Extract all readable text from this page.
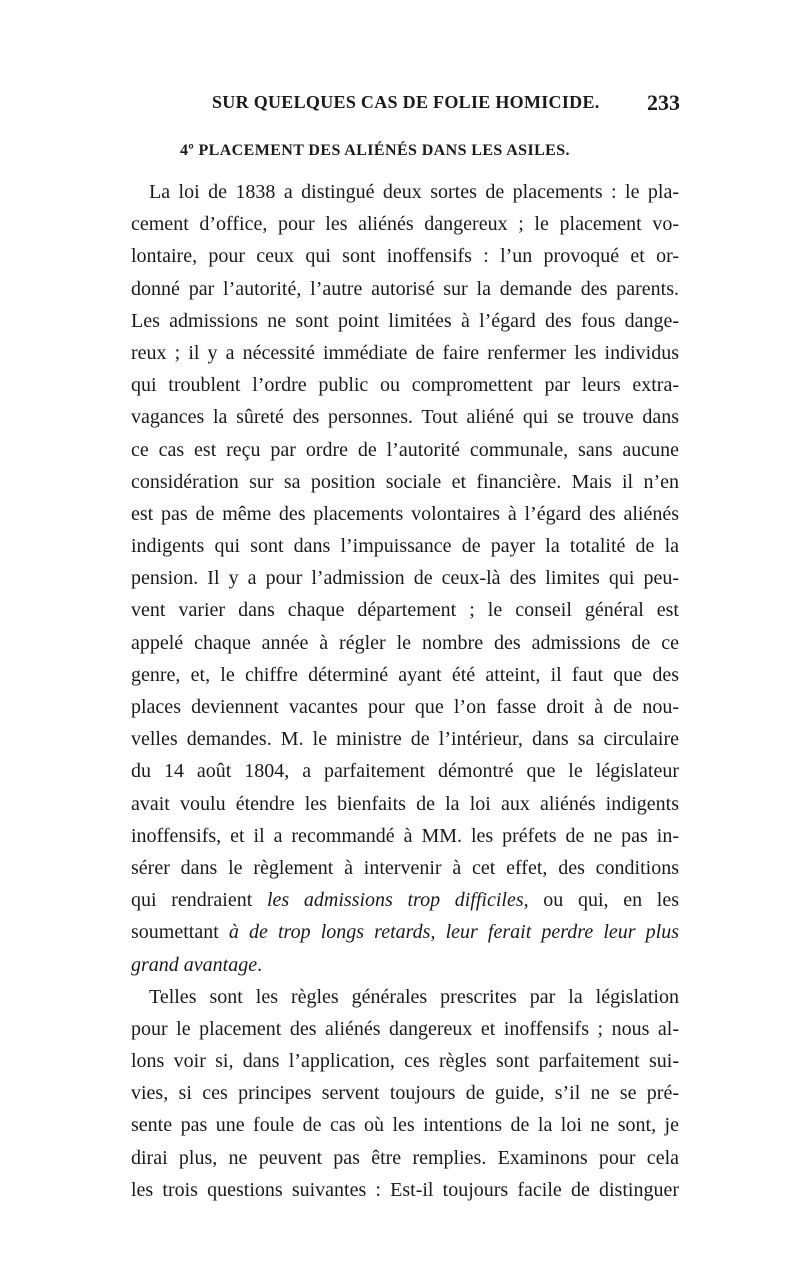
SUR QUELQUES CAS DE FOLIE HOMICIDE. 233
4º PLACEMENT DES ALIÉNÉS DANS LES ASILES.
La loi de 1838 a distingué deux sortes de placements : le pla-
cement d’office, pour les aliénés dangereux ; le placement vo-
lontaire, pour ceux qui sont inoffensifs : l’un provoqué et or-
donné par l’autorité, l’autre autorisé sur la demande des parents.
Les admissions ne sont point limitées à l’égard des fous dange-
reux ; il y a nécessité immédiate de faire renfermer les individus
qui troublent l’ordre public ou compromettent par leurs extra-
vagances la sûreté des personnes. Tout aliéné qui se trouve dans
ce cas est reçu par ordre de l’autorité communale, sans aucune
considération sur sa position sociale et financière. Mais il n’en
est pas de même des placements volontaires à l’égard des aliénés
indigents qui sont dans l’impuissance de payer la totalité de la
pension. Il y a pour l’admission de ceux-là des limites qui peu-
vent varier dans chaque département ; le conseil général est
appelé chaque année à régler le nombre des admissions de ce
genre, et, le chiffre déterminé ayant été atteint, il faut que des
places deviennent vacantes pour que l’on fasse droit à de nou-
velles demandes. M. le ministre de l’intérieur, dans sa circulaire
du 14 août 1804, a parfaitement démontré que le législateur
avait voulu étendre les bienfaits de la loi aux aliénés indigents
inoffensifs, et il a recommandé à MM. les préfets de ne pas in-
sérer dans le règlement à intervenir à cet effet, des conditions
qui rendraient les admissions trop difficiles, ou qui, en les
soumettant à de trop longs retards, leur ferait perdre leur plus
grand avantage.
Telles sont les règles générales prescrites par la législation
pour le placement des aliénés dangereux et inoffensifs ; nous al-
lons voir si, dans l’application, ces règles sont parfaitement sui-
vies, si ces principes servent toujours de guide, s’il ne se pré-
sente pas une foule de cas où les intentions de la loi ne sont, je
dirai plus, ne peuvent pas être remplies. Examinons pour cela
les trois questions suivantes : Est-il toujours facile de distinguer
